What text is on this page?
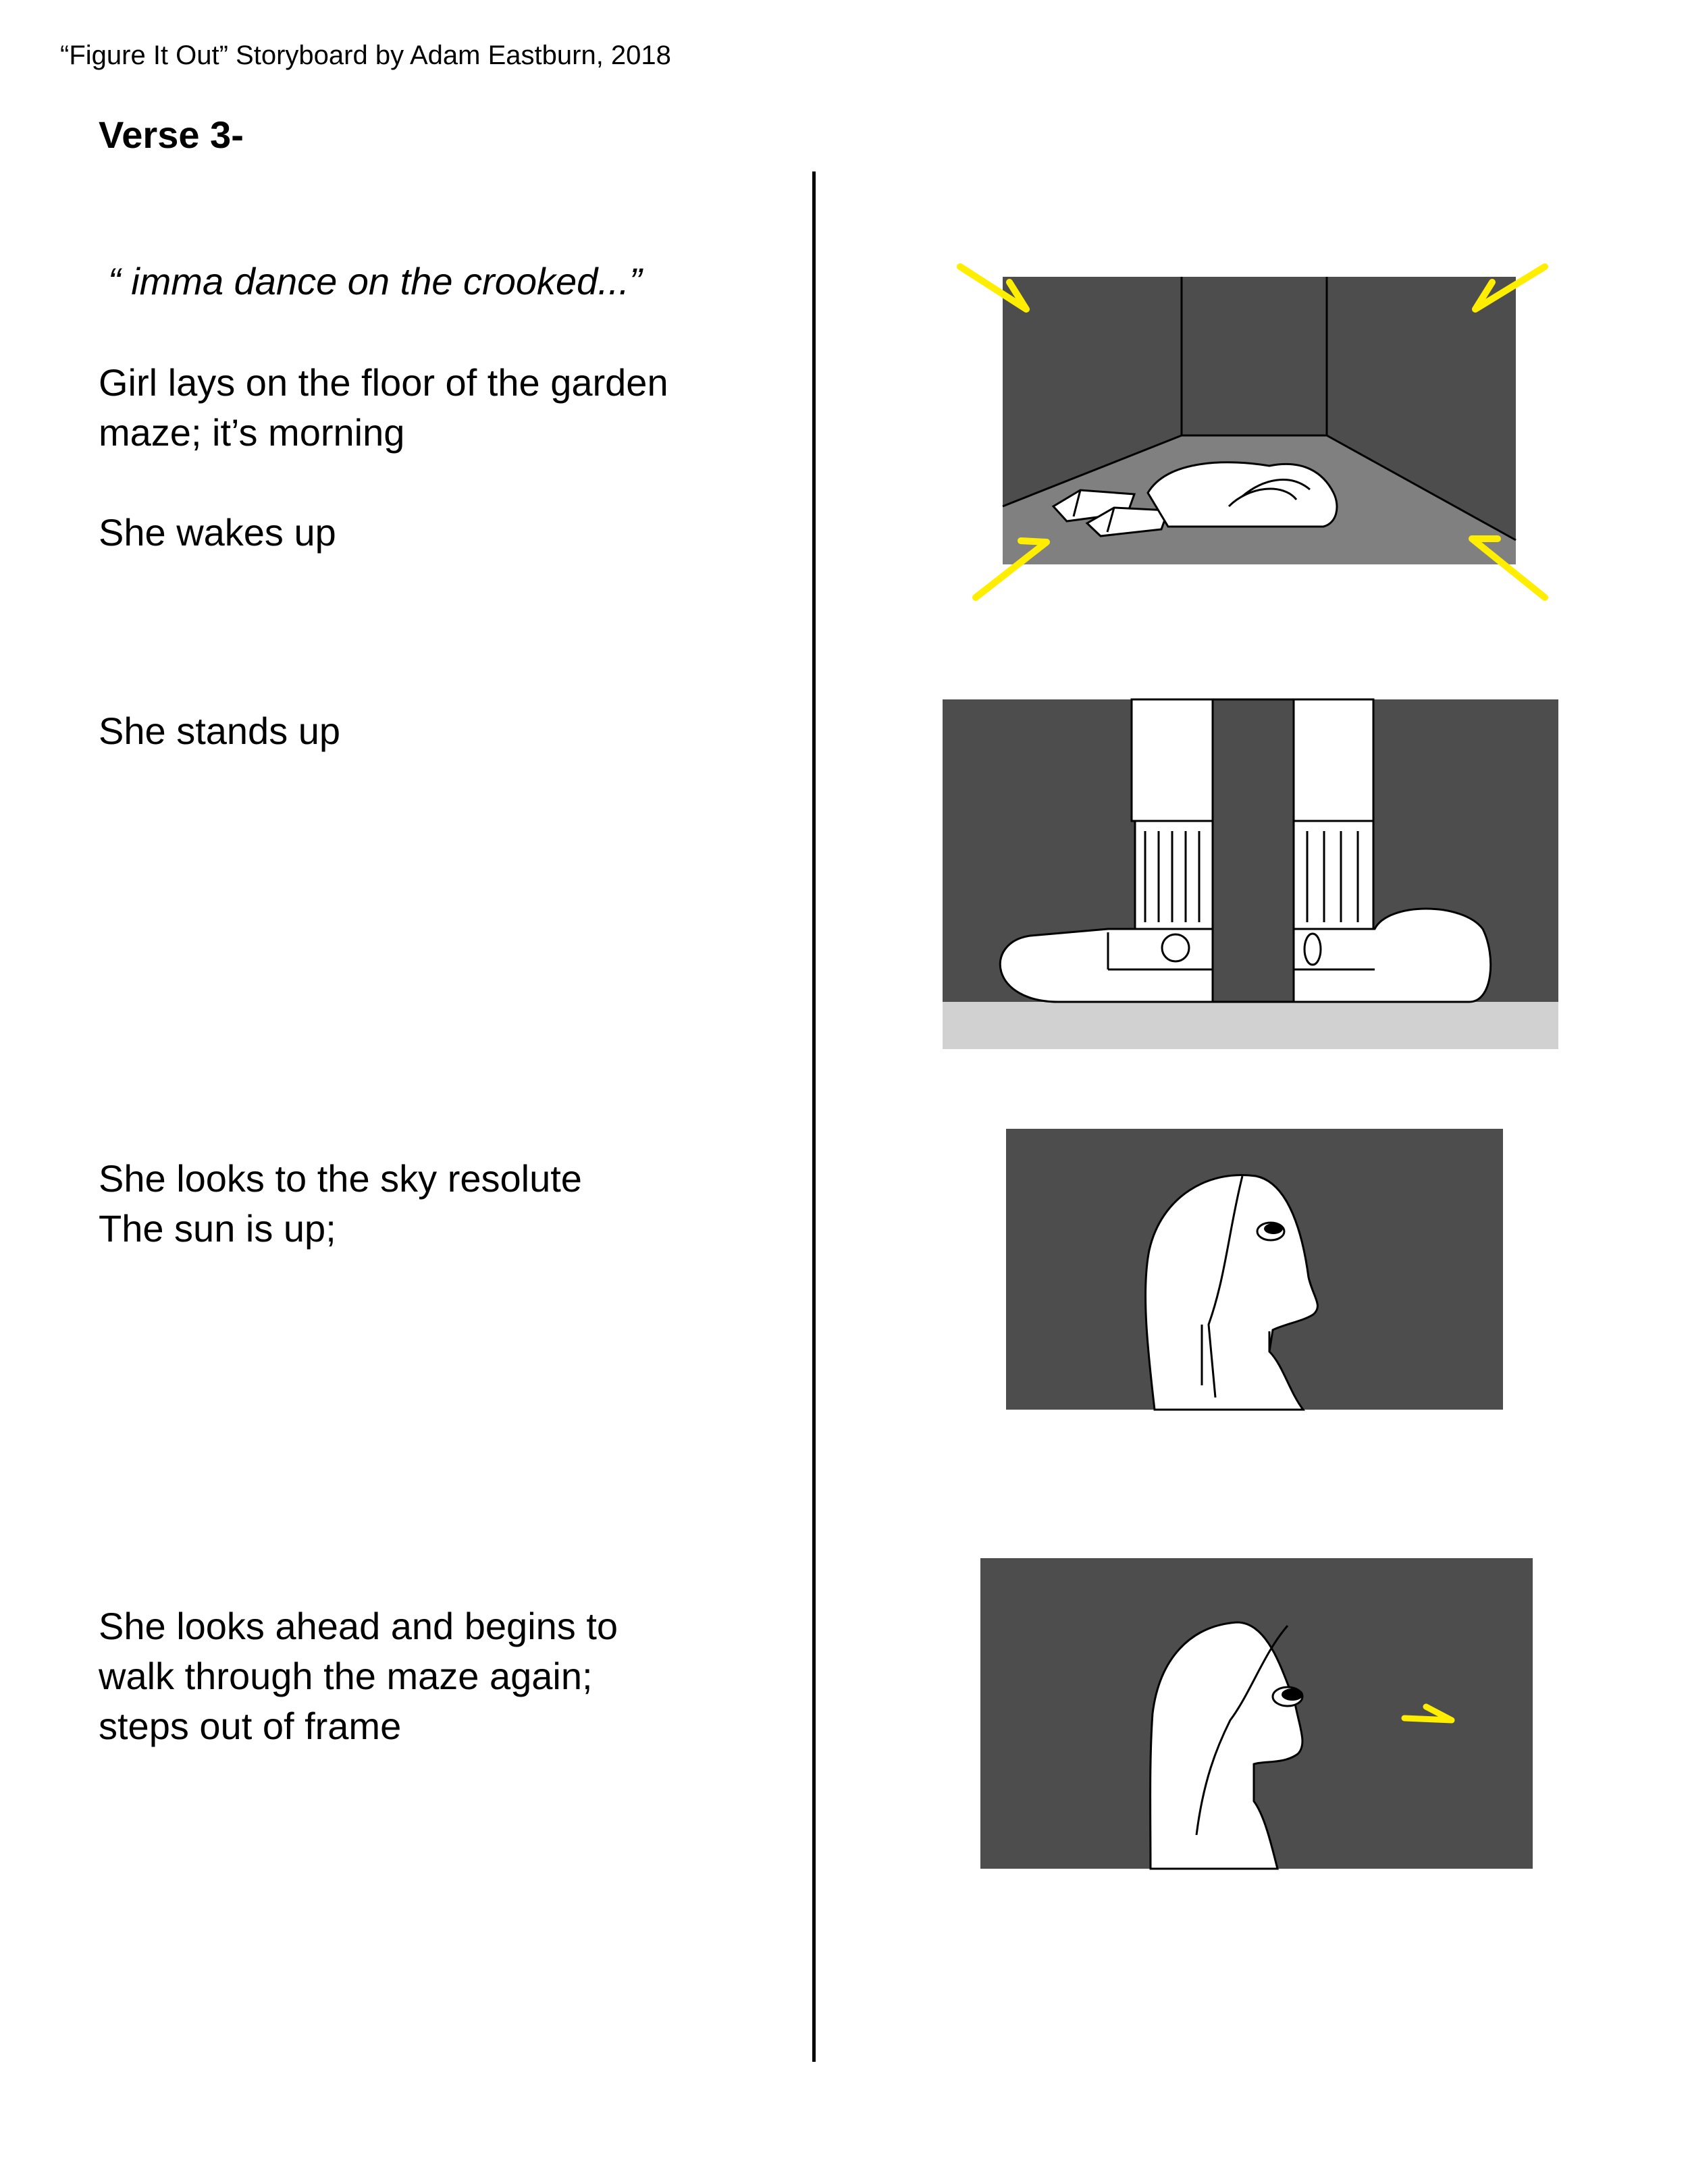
“Figure It Out” Storyboard by Adam Eastburn, 2018
Verse 3-
“ imma dance on the crooked...”

Girl lays on the floor of the garden

maze; it’s morning

She wakes up

She stands up

She looks to the sky resolute

The sun is up;

She looks ahead and begins to

walk through the maze again;

steps out of frame
